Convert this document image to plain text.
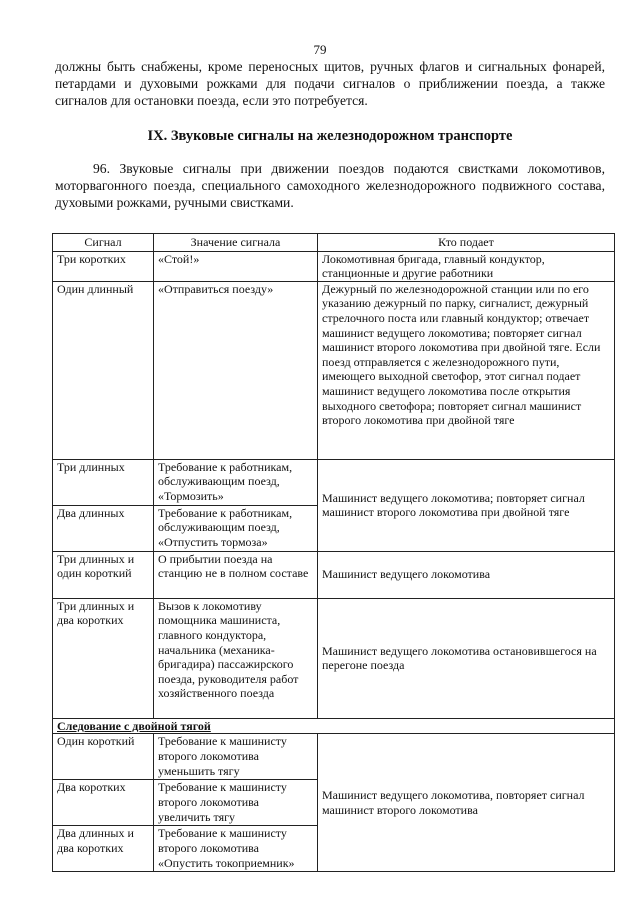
79
должны быть снабжены, кроме переносных щитов, ручных флагов и сигнальных фонарей, петардами и духовыми рожками для подачи сигналов о приближении поезда, а также сигналов для остановки поезда, если это потребуется.
IX. Звуковые сигналы на железнодорожном транспорте
96. Звуковые сигналы при движении поездов подаются свистками локомотивов, моторвагонного поезда, специального самоходного железнодорожного подвижного состава, духовыми рожками, ручными свистками.
Сигнал	Значение сигнала	Кто подает
Три коротких	«Стой!»	Локомотивная бригада, главный кондуктор, станционные и другие работники
Один длинный	«Отправиться поезду»	Дежурный по железнодорожной станции или по его указанию дежурный по парку, сигналист, дежурный стрелочного поста или главный кондуктор; отвечает машинист ведущего локомотива; повторяет сигнал машинист второго локомотива при двойной тяге. Если поезд отправляется с железнодорожного пути, имеющего выходной светофор, этот сигнал подает машинист ведущего локомотива после открытия выходного светофора; повторяет сигнал машинист второго локомотива при двойной тяге
Три длинных	Требование к работникам, обслуживающим поезд, «Тормозить»	Машинист ведущего локомотива; повторяет сигнал машинист второго локомотива при двойной тяге
Два длинных	Требование к работникам, обслуживающим поезд, «Отпустить тормоза»	
Три длинных и один короткий	О прибытии поезда на станцию не в полном составе	Машинист ведущего локомотива
Три длинных и два коротких	Вызов к локомотиву помощника машиниста, главного кондуктора, начальника (механика-бригадира) пассажирского поезда, руководителя работ хозяйственного поезда	Машинист ведущего локомотива остановившегося на перегоне поезда
Следование с двойной тягой		
Один короткий	Требование к машинисту второго локомотива уменьшить тягу	Машинист ведущего локомотива, повторяет сигнал машинист второго локомотива
Два коротких	Требование к машинисту второго локомотива увеличить тягу	
Два длинных и два коротких	Требование к машинисту второго локомотива «Опустить токоприемник»	
